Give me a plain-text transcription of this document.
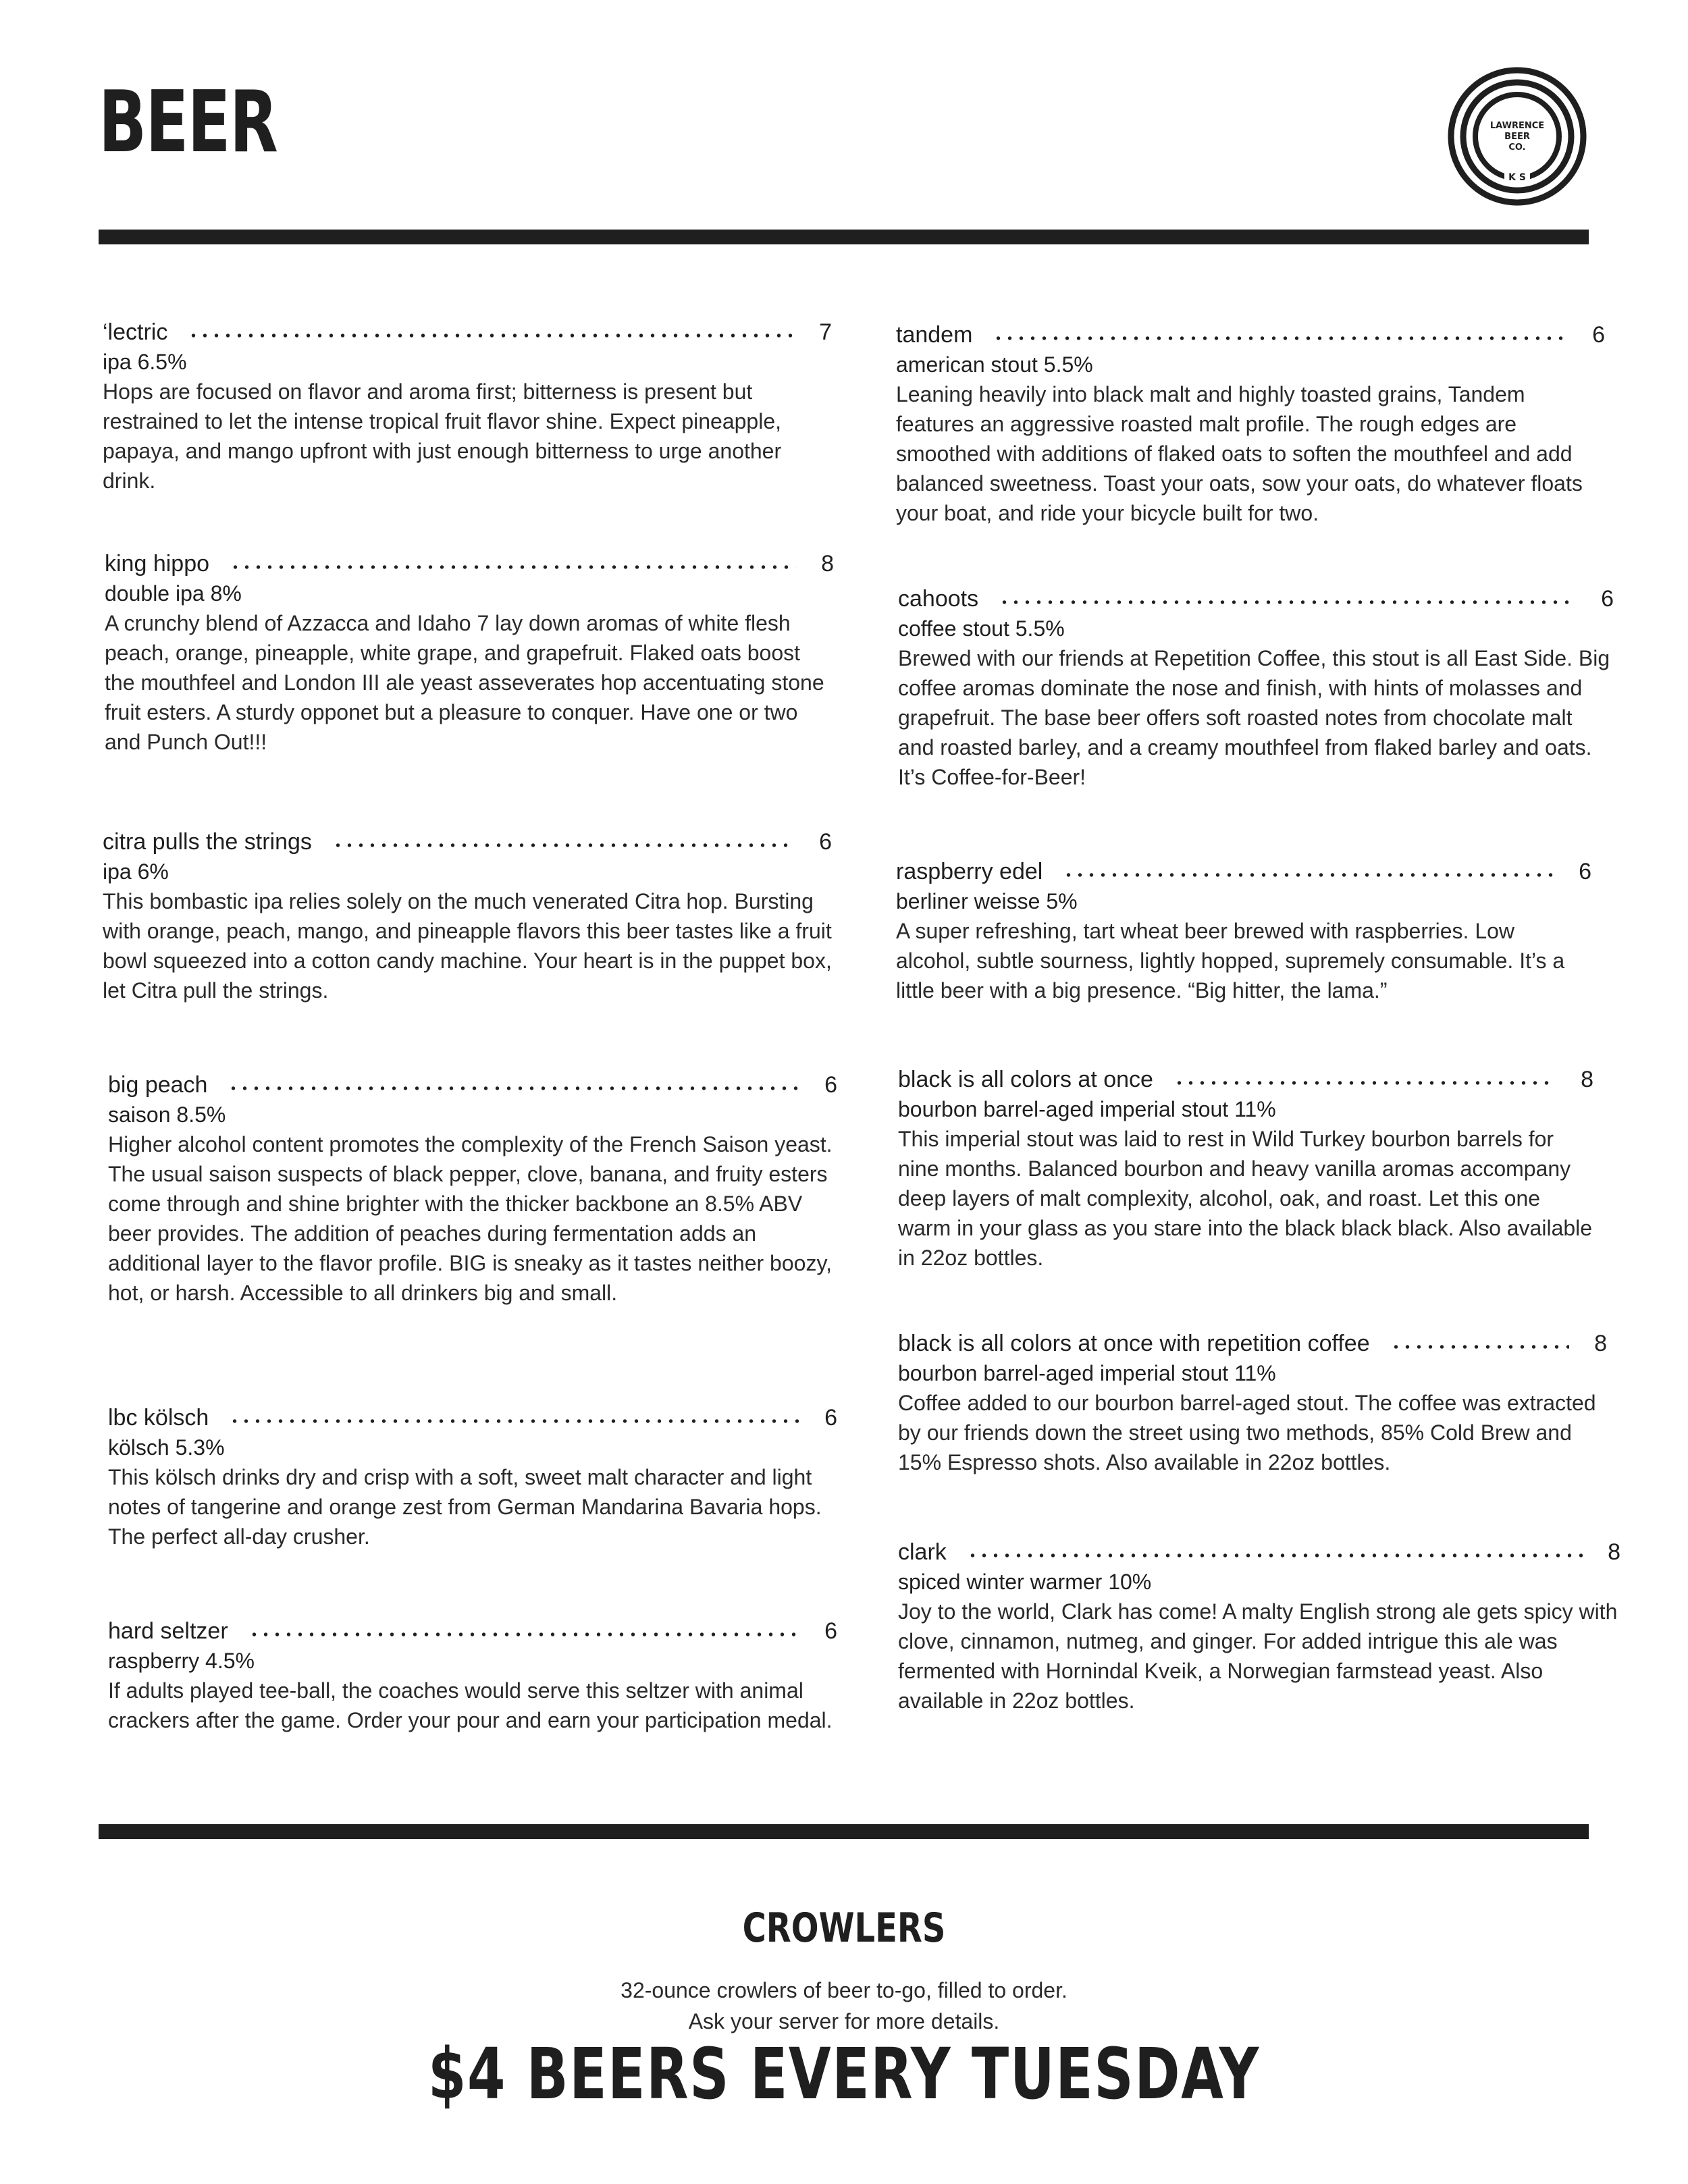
BEER	LAWRENCE
BEER
CO.
K S
‘lectric	7
ipa 6.5%

Hops are focused on flavor and aroma first; bitterness is present but restrained to let the intense tropical fruit flavor shine. Expect pineapple, papaya, and mango upfront with just enough bitterness to urge another drink.

king hippo	8
double ipa 8%

A crunchy blend of Azzacca and Idaho 7 lay down aromas of white flesh peach, orange, pineapple, white grape, and grapefruit. Flaked oats boost the mouthfeel and London III ale yeast asseverates hop accentuating stone fruit esters. A sturdy opponet but a pleasure to conquer. Have one or two and Punch Out!!!

citra pulls the strings	6
ipa 6%

This bombastic ipa relies solely on the much venerated Citra hop. Bursting with orange, peach, mango, and pineapple flavors this beer tastes like a fruit bowl squeezed into a cotton candy machine. Your heart is in the puppet box, let Citra pull the strings.

big peach	6
saison 8.5%

Higher alcohol content promotes the complexity of the French Saison yeast. The usual saison suspects of black pepper, clove, banana, and fruity esters come through and shine brighter with the thicker backbone an 8.5% ABV beer provides. The addition of peaches during fermentation adds an additional layer to the flavor profile. BIG is sneaky as it tastes neither boozy, hot, or harsh. Accessible to all drinkers big and small.

lbc kölsch	6
kölsch 5.3%

This kölsch drinks dry and crisp with a soft, sweet malt character and light notes of tangerine and orange zest from German Mandarina Bavaria hops. The perfect all-day crusher.

hard seltzer	6
raspberry 4.5%

If adults played tee-ball, the coaches would serve this seltzer with animal crackers after the game. Order your pour and earn your participation medal.

tandem	6
american stout 5.5%

Leaning heavily into black malt and highly toasted grains, Tandem features an aggressive roasted malt profile. The rough edges are smoothed with additions of flaked oats to soften the mouthfeel and add balanced sweetness. Toast your oats, sow your oats, do whatever floats your boat, and ride your bicycle built for two.

cahoots	6
coffee stout 5.5%

Brewed with our friends at Repetition Coffee, this stout is all East Side. Big coffee aromas dominate the nose and finish, with hints of molasses and grapefruit. The base beer offers soft roasted notes from chocolate malt and roasted barley, and a creamy mouthfeel from flaked barley and oats. It’s Coffee-for-Beer!

raspberry edel	6
berliner weisse 5%

A super refreshing, tart wheat beer brewed with raspberries. Low alcohol, subtle sourness, lightly hopped, supremely consumable. It’s a little beer with a big presence. “Big hitter, the lama.”

black is all colors at once	8
bourbon barrel-aged imperial stout 11%

This imperial stout was laid to rest in Wild Turkey bourbon barrels for nine months. Balanced bourbon and heavy vanilla aromas accompany deep layers of malt complexity, alcohol, oak, and roast. Let this one warm in your glass as you stare into the black black black. Also available in 22oz bottles.

black is all colors at once with repetition coffee	8
bourbon barrel-aged imperial stout 11%

Coffee added to our bourbon barrel-aged stout. The coffee was extracted by our friends down the street using two methods, 85% Cold Brew and 15% Espresso shots. Also available in 22oz bottles.

clark	8
spiced winter warmer 10%

Joy to the world, Clark has come! A malty English strong ale gets spicy with clove, cinnamon, nutmeg, and ginger. For added intrigue this ale was fermented with Hornindal Kveik, a Norwegian farmstead yeast. Also available in 22oz bottles.

CROWLERS
32-ounce crowlers of beer to-go, filled to order.
Ask your server for more details.
$4 BEERS EVERY TUESDAY
